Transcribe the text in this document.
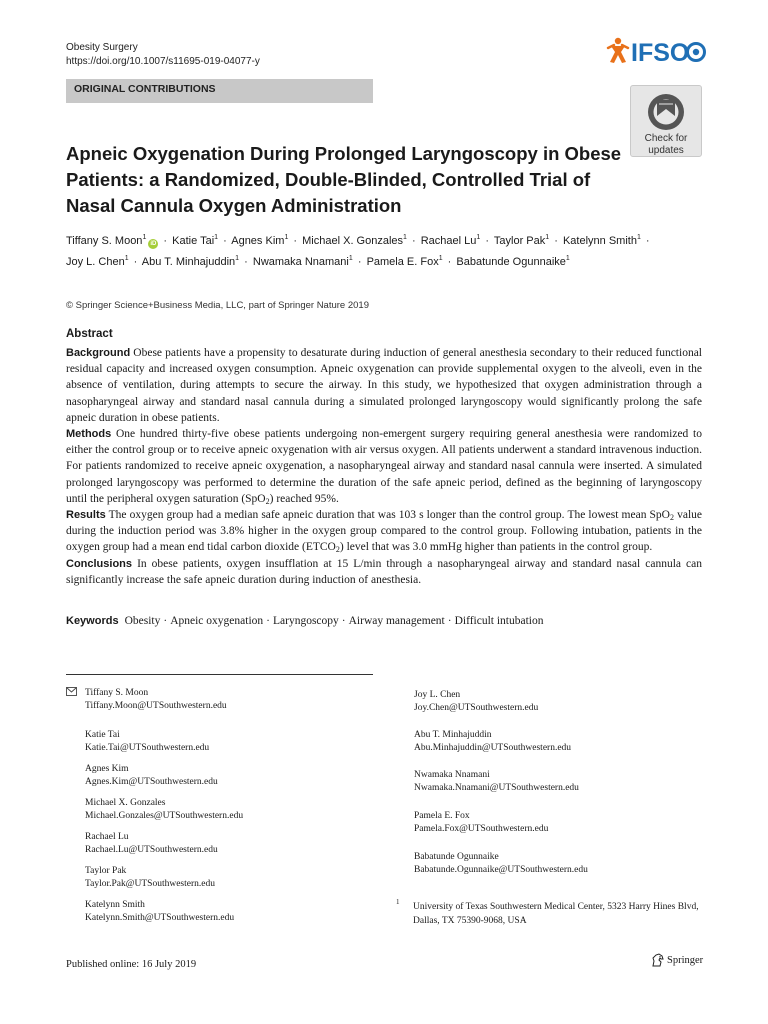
Obesity Surgery
https://doi.org/10.1007/s11695-019-04077-y	IFSO
ORIGINAL CONTRIBUTIONS
Check for
updates
Apneic Oxygenation During Prolonged Laryngoscopy in Obese Patients: a Randomized, Double-Blinded, Controlled Trial of Nasal Cannula Oxygen Administration
Tiffany S. Moon$^1$iD · Katie Tai$^1$ · Agnes Kim$^1$ · Michael X. Gonzales$^1$ · Rachael $Lu^1$ · Taylor Pak$^1$ · Katelynn Smith$^1$ · Joy L. Chen$^1$ · Abu T. Minhajuddin$^1$ · Nwamaka Nnamani$^1$ · Pamela E. Fox$^1$ · Babatunde Ogunnaike$^1$
© Springer Science+Business Media, LLC, part of Springer Nature 2019
Abstract

Background Obese patients have a propensity to desaturate during induction of general anesthesia secondary to their reduced functional residual capacity and increased oxygen consumption. Apneic oxygenation can provide supplemental oxygen to the alveoli, even in the absence of ventilation, during attempts to secure the airway. In this study, we hypothesized that oxygen administration through a nasopharyngeal airway and standard nasal cannula during a simulated prolonged laryngoscopy would significantly prolong the safe apneic duration in obese patients.

Methods One hundred thirty-five obese patients undergoing non-emergent surgery requiring general anesthesia were randomized to either the control group or to receive apneic oxygenation with air versus oxygen. All patients underwent a standard intravenous induction. For patients randomized to receive apneic oxygenation, a nasopharyngeal airway and standard nasal cannula were inserted. A simulated prolonged laryngoscopy was performed to determine the duration of the safe apneic period, defined as the beginning of laryngoscopy until the peripheral oxygen saturation (SpO$_2$) reached 95%.

Results The oxygen group had a median safe apneic duration that was 103 s longer than the control group. The lowest mean SpO$_2$ value during the induction period was 3.8% higher in the oxygen group compared to the control group. Following intubation, patients in the oxygen group had a mean end tidal carbon dioxide $(ETCO_2)$ level that was 3.0 mmHg higher than patients in the control group.

Conclusions In obese patients, oxygen insufflation at 15 L/min through a nasopharyngeal airway and standard nasal cannula can significantly increase the safe apneic duration during induction of anesthesia.

Keywords Obesity · Apneic oxygenation · Laryngoscopy · Airway management · Difficult intubation
Tiffany S. Moon
Tiffany.Moon@UTSouthwestern.edu
Katie Tai
Katie.Tai@UTSouthwestern.edu
Agnes Kim
Agnes.Kim@UTSouthwestern.edu
Michael X. Gonzales
Michael.Gonzales@UTSouthwestern.edu
Rachael Lu
Rachael.Lu@UTSouthwestern.edu
Taylor Pak
Taylor.Pak@UTSouthwestern.edu
Katelynn Smith
Katelynn.Smith@UTSouthwestern.edu
Joy L. Chen
Joy.Chen@UTSouthwestern.edu
Abu T. Minhajuddin
Abu.Minhajuddin@UTSouthwestern.edu
Nwamaka Nnamani
Nwamaka.Nnamani@UTSouthwestern.edu
Pamela E. Fox
Pamela.Fox@UTSouthwestern.edu
Babatunde Ogunnaike
Babatunde.Ogunnaike@UTSouthwestern.edu
1 University of Texas Southwestern Medical Center, 5323 Harry Hines Blvd, Dallas, TX 75390-9068, USA
Published online: 16 July 2019	Springer
